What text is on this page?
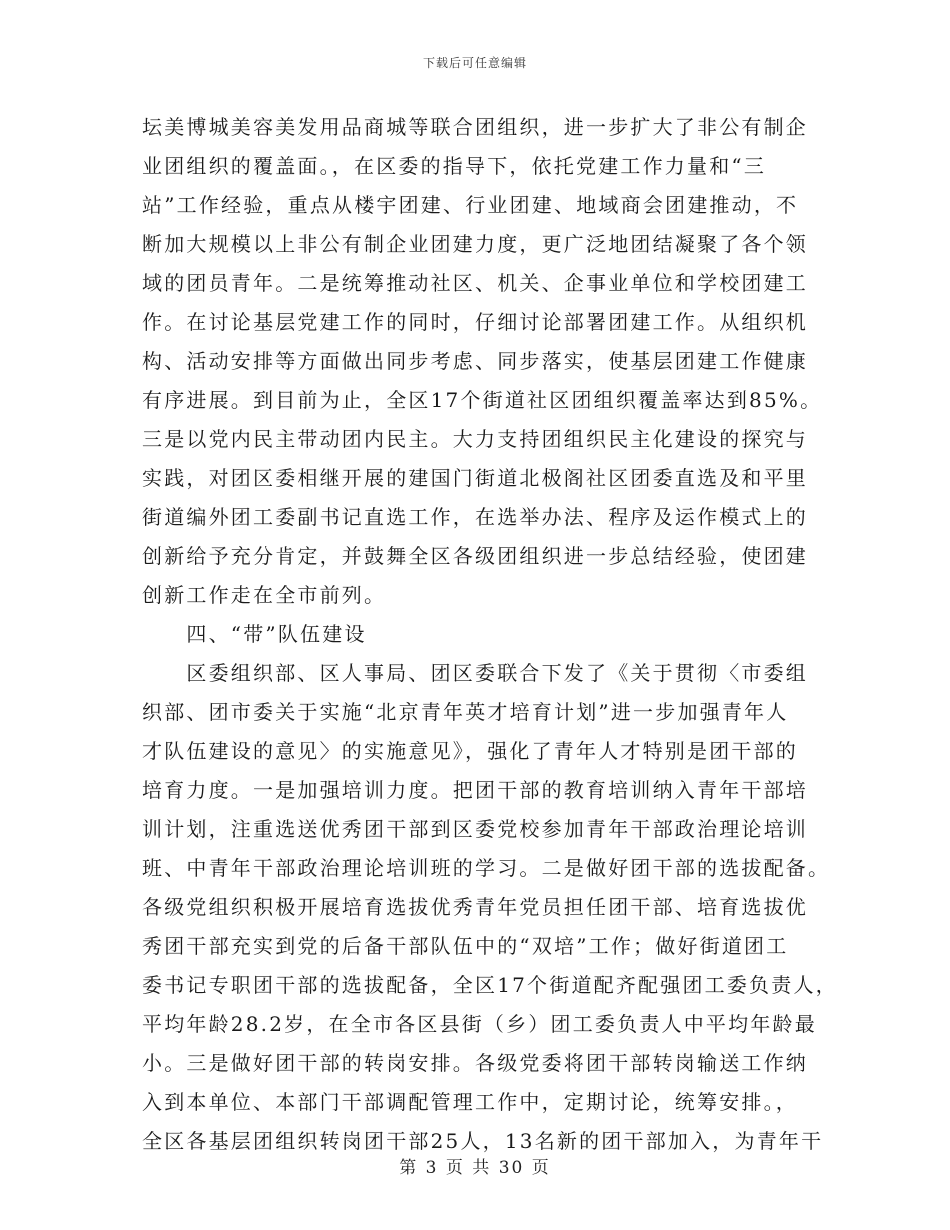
下载后可任意编辑
坛美博城美容美发用品商城等联合团组织，进一步扩大了非公有制企
业团组织的覆盖面。，在区委的指导下，依托党建工作力量和“三
站”工作经验，重点从楼宇团建、行业团建、地域商会团建推动，不
断加大规模以上非公有制企业团建力度，更广泛地团结凝聚了各个领
域的团员青年。二是统筹推动社区、机关、企事业单位和学校团建工
作。在讨论基层党建工作的同时，仔细讨论部署团建工作。从组织机
构、活动安排等方面做出同步考虑、同步落实，使基层团建工作健康
有序进展。到目前为止，全区17个街道社区团组织覆盖率达到85%。
三是以党内民主带动团内民主。大力支持团组织民主化建设的探究与
实践，对团区委相继开展的建国门街道北极阁社区团委直选及和平里
街道编外团工委副书记直选工作，在选举办法、程序及运作模式上的
创新给予充分肯定，并鼓舞全区各级团组织进一步总结经验，使团建
创新工作走在全市前列。
　　四、“带”队伍建设
　　区委组织部、区人事局、团区委联合下发了《关于贯彻〈市委组
织部、团市委关于实施“北京青年英才培育计划”进一步加强青年人
才队伍建设的意见〉的实施意见》，强化了青年人才特别是团干部的
培育力度。一是加强培训力度。把团干部的教育培训纳入青年干部培
训计划，注重选送优秀团干部到区委党校参加青年干部政治理论培训
班、中青年干部政治理论培训班的学习。二是做好团干部的选拔配备。
各级党组织积极开展培育选拔优秀青年党员担任团干部、培育选拔优
秀团干部充实到党的后备干部队伍中的“双培”工作；做好街道团工
委书记专职团干部的选拔配备，全区17个街道配齐配强团工委负责人，
平均年龄28.2岁，在全市各区县街（乡）团工委负责人中平均年龄最
小。三是做好团干部的转岗安排。各级党委将团干部转岗输送工作纳
入到本单位、本部门干部调配管理工作中，定期讨论，统筹安排。，
全区各基层团组织转岗团干部25人，13名新的团干部加入，为青年干
第 3 页 共 30 页
